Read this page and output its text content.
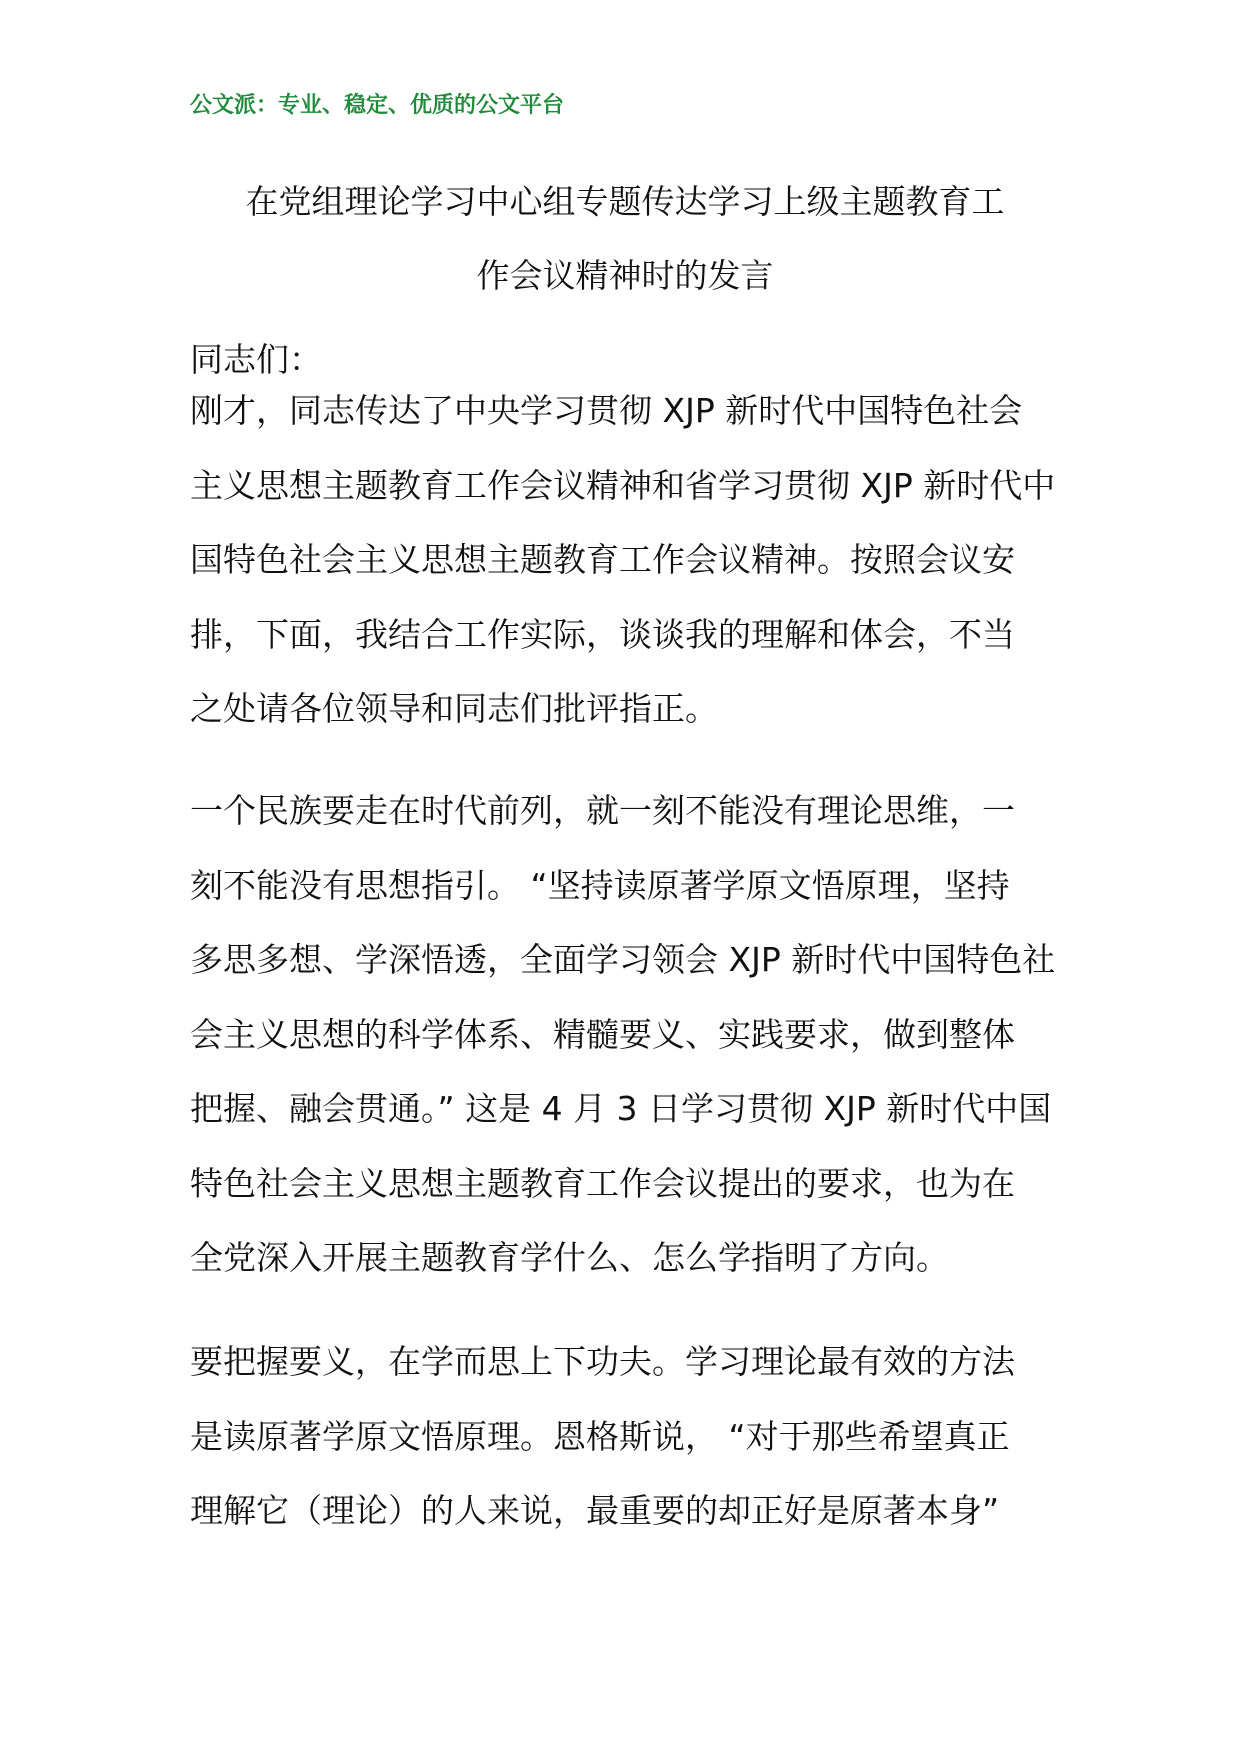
公文派：专业、稳定、优质的公文平台
在党组理论学习中心组专题传达学习上级主题教育工
作会议精神时的发言
同志们：
刚才，同志传达了中央学习贯彻 XJP 新时代中国特色社会
主义思想主题教育工作会议精神和省学习贯彻 XJP 新时代中
国特色社会主义思想主题教育工作会议精神。按照会议安
排，下面，我结合工作实际，谈谈我的理解和体会，不当
之处请各位领导和同志们批评指正。
一个民族要走在时代前列，就一刻不能没有理论思维，一
刻不能没有思想指引。 “坚持读原著学原文悟原理，坚持
多思多想、学深悟透，全面学习领会 XJP 新时代中国特色社
会主义思想的科学体系、精髓要义、实践要求，做到整体
把握、融会贯通。” 这是 4 月 3 日学习贯彻 XJP 新时代中国
特色社会主义思想主题教育工作会议提出的要求，也为在
全党深入开展主题教育学什么、怎么学指明了方向。
要把握要义，在学而思上下功夫。学习理论最有效的方法
是读原著学原文悟原理。恩格斯说， “对于那些希望真正
理解它（理论）的人来说，最重要的却正好是原著本身”
